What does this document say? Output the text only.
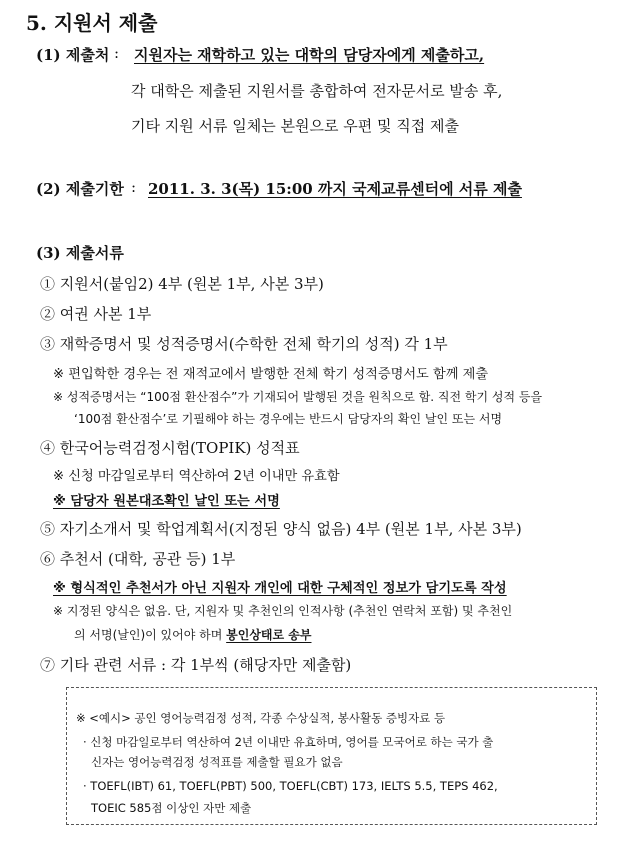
5. 지원서 제출
(1) 제출처 : 지원자는 재학하고 있는 대학의 담당자에게 제출하고,
각 대학은 제출된 지원서를 총합하여 전자문서로 발송 후,
기타 지원 서류 일체는 본원으로 우편 및 직접 제출
(2) 제출기한 : 2011. 3. 3(목) 15:00 까지 국제교류센터에 서류 제출
(3) 제출서류
① 지원서(붙임2) 4부 (원본 1부, 사본 3부)
② 여권 사본 1부
③ 재학증명서 및 성적증명서(수학한 전체 학기의 성적) 각 1부
※ 편입학한 경우는 전 재적교에서 발행한 전체 학기 성적증명서도 함께 제출
※ 성적증명서는 “100점 환산점수”가 기재되어 발행된 것을 원칙으로 함. 직전 학기 성적 등을
‘100점 환산점수’로 기필해야 하는 경우에는 반드시 담당자의 확인 날인 또는 서명
④ 한국어능력검정시험(TOPIK) 성적표
※ 신청 마감일로부터 역산하여 2년 이내만 유효함
※ 담당자 원본대조확인 날인 또는 서명
⑤ 자기소개서 및 학업계획서(지정된 양식 없음) 4부 (원본 1부, 사본 3부)
⑥ 추천서 (대학, 공관 등) 1부
※ 형식적인 추천서가 아닌 지원자 개인에 대한 구체적인 정보가 담기도록 작성
※ 지정된 양식은 없음. 단, 지원자 및 추천인의 인적사항 (추천인 연락처 포함) 및 추천인
의 서명(날인)이 있어야 하며 봉인상태로 송부
⑦ 기타 관련 서류 : 각 1부씩 (해당자만 제출함)
※ <예시> 공인 영어능력검정 성적, 각종 수상실적, 봉사활동 증빙자료 등
· 신청 마감일로부터 역산하여 2년 이내만 유효하며, 영어를 모국어로 하는 국가 출
신자는 영어능력검정 성적표를 제출할 필요가 없음
· TOEFL(IBT) 61, TOEFL(PBT) 500, TOEFL(CBT) 173, IELTS 5.5, TEPS 462,
TOEIC 585점 이상인 자만 제출
